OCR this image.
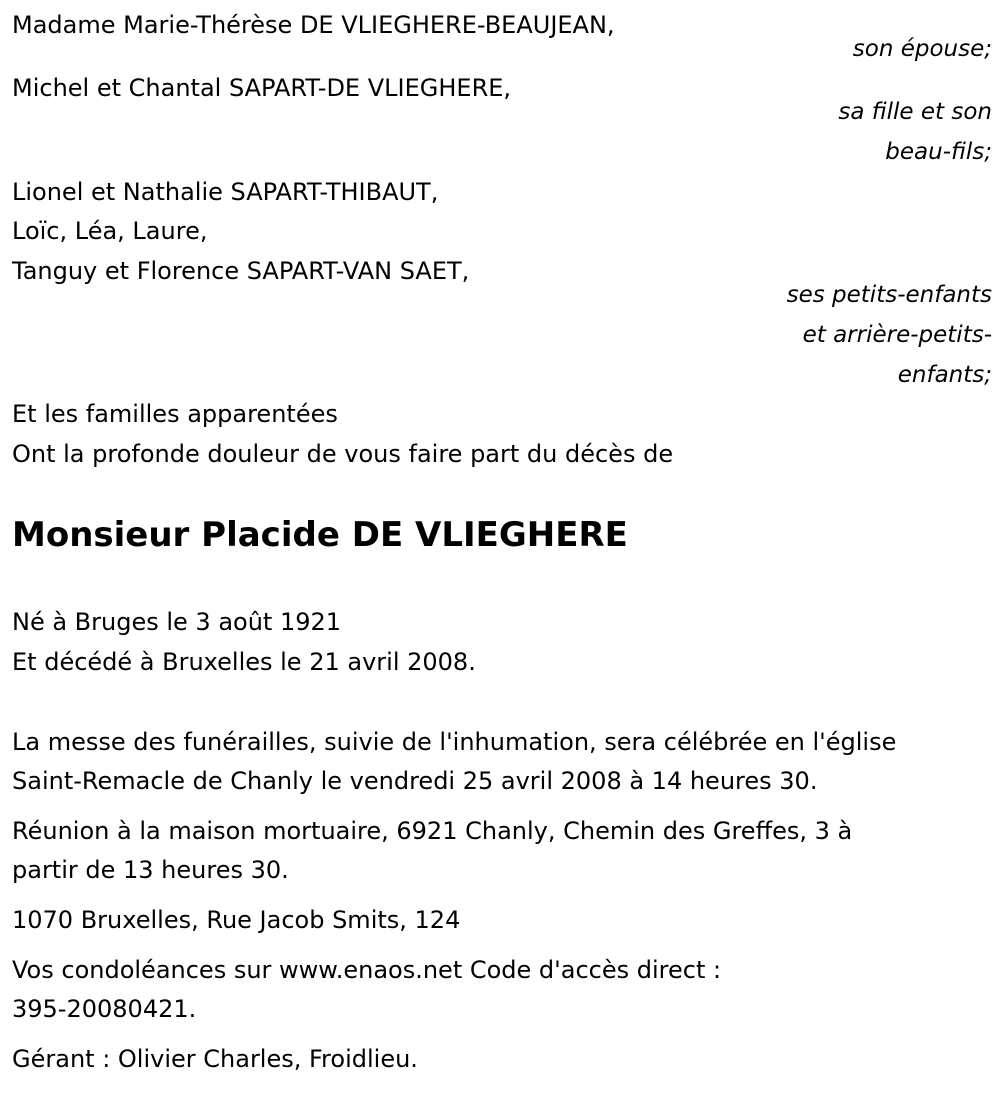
Madame Marie-Thérèse DE VLIEGHERE-BEAUJEAN,
son épouse;
Michel et Chantal SAPART-DE VLIEGHERE,
sa fille et son
beau-fils;
Lionel et Nathalie SAPART-THIBAUT,
Loïc, Léa, Laure,
Tanguy et Florence SAPART-VAN SAET,
ses petits-enfants
et arrière-petits-
enfants;
Et les familles apparentées
Ont la profonde douleur de vous faire part du décès de
Monsieur Placide DE VLIEGHERE
Né à Bruges le 3 août 1921
Et décédé à Bruxelles le 21 avril 2008.
La messe des funérailles, suivie de l'inhumation, sera célébrée en l'église
Saint-Remacle de Chanly le vendredi 25 avril 2008 à 14 heures 30.
Réunion à la maison mortuaire, 6921 Chanly, Chemin des Greffes, 3 à
partir de 13 heures 30.
1070 Bruxelles, Rue Jacob Smits, 124
Vos condoléances sur www.enaos.net Code d'accès direct :
395-20080421.
Gérant : Olivier Charles, Froidlieu.
